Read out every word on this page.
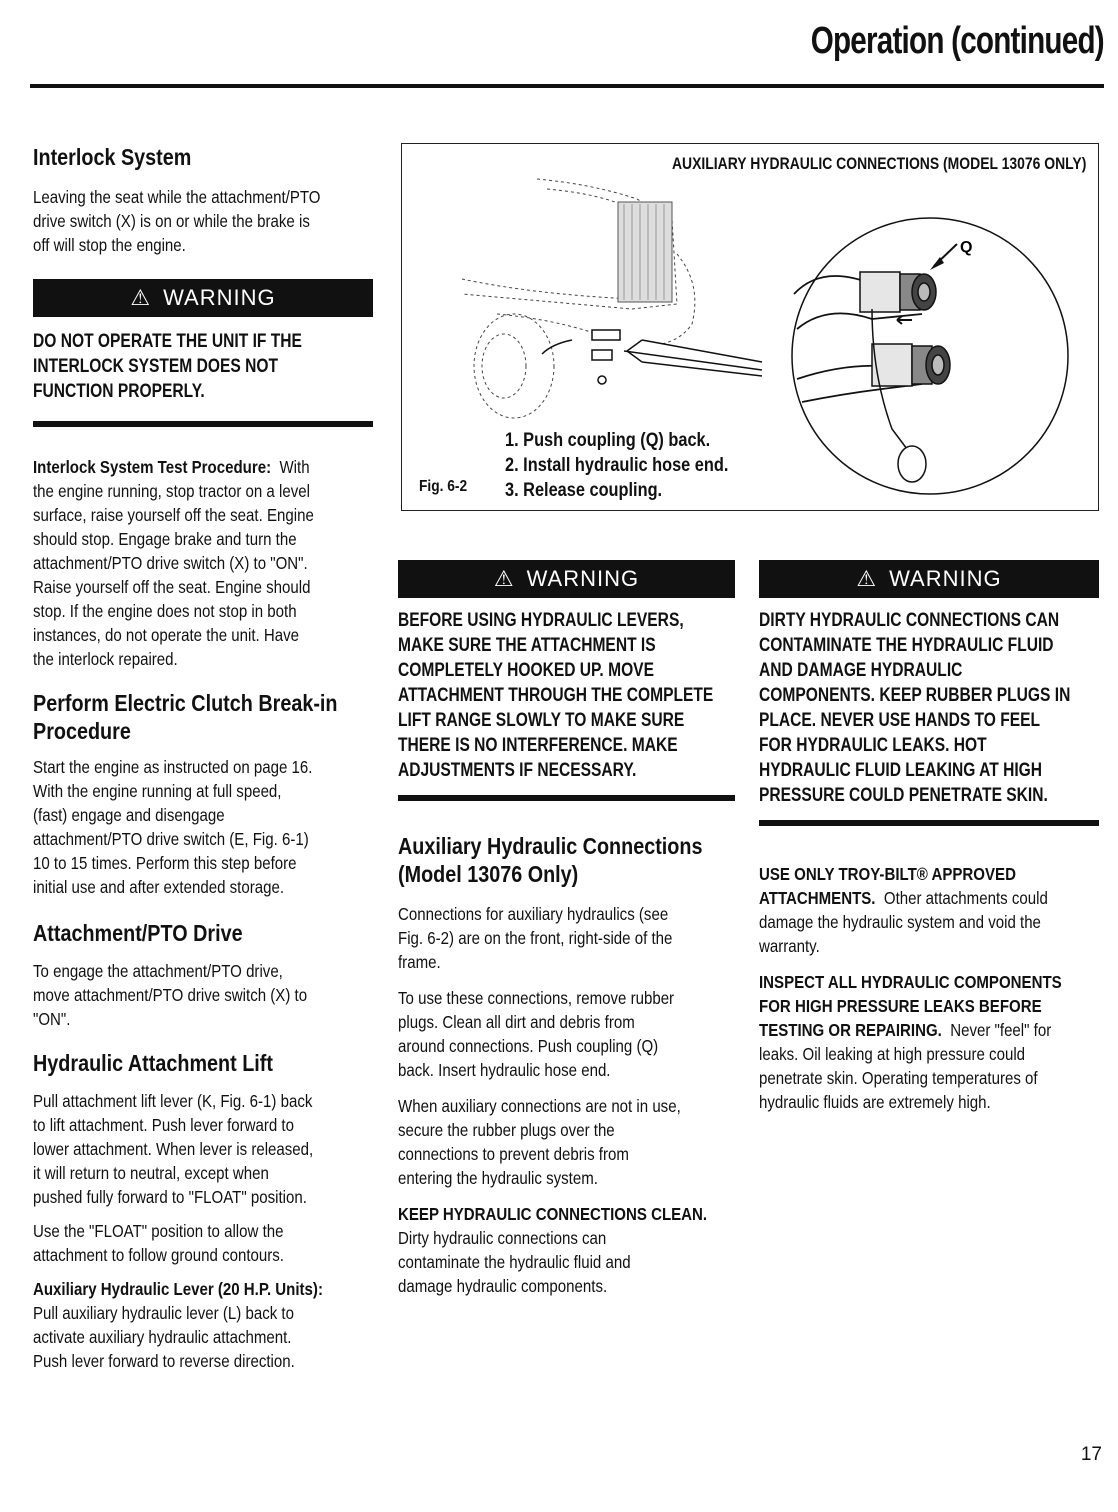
Operation (continued)
Interlock System
Leaving the seat while the attachment/PTO
drive switch (X) is on or while the brake is
off will stop the engine.
⚠ WARNING
DO NOT OPERATE THE UNIT IF THE
INTERLOCK SYSTEM DOES NOT
FUNCTION PROPERLY.
Interlock System Test Procedure: With
the engine running, stop tractor on a level
surface, raise yourself off the seat. Engine
should stop. Engage brake and turn the
attachment/PTO drive switch (X) to "ON".
Raise yourself off the seat. Engine should
stop. If the engine does not stop in both
instances, do not operate the unit. Have
the interlock repaired.
Perform Electric Clutch Break-in
Procedure
Start the engine as instructed on page 16.
With the engine running at full speed,
(fast) engage and disengage
attachment/PTO drive switch (E, Fig. 6-1)
10 to 15 times. Perform this step before
initial use and after extended storage.
Attachment/PTO Drive
To engage the attachment/PTO drive,
move attachment/PTO drive switch (X) to
"ON".
Hydraulic Attachment Lift
Pull attachment lift lever (K, Fig. 6-1) back
to lift attachment. Push lever forward to
lower attachment. When lever is released,
it will return to neutral, except when
pushed fully forward to "FLOAT" position.
Use the "FLOAT" position to allow the
attachment to follow ground contours.
Auxiliary Hydraulic Lever (20 H.P. Units):
Pull auxiliary hydraulic lever (L) back to
activate auxiliary hydraulic attachment.
Push lever forward to reverse direction.
AUXILIARY HYDRAULIC CONNECTIONS (MODEL 13076 ONLY)
Q
1. Push coupling (Q) back.
2. Install hydraulic hose end.
3. Release coupling.
Fig. 6-2
⚠ WARNING
BEFORE USING HYDRAULIC LEVERS,
MAKE SURE THE ATTACHMENT IS
COMPLETELY HOOKED UP. MOVE
ATTACHMENT THROUGH THE COMPLETE
LIFT RANGE SLOWLY TO MAKE SURE
THERE IS NO INTERFERENCE. MAKE
ADJUSTMENTS IF NECESSARY.
Auxiliary Hydraulic Connections
(Model 13076 Only)
Connections for auxiliary hydraulics (see
Fig. 6-2) are on the front, right-side of the
frame.
To use these connections, remove rubber
plugs. Clean all dirt and debris from
around connections. Push coupling (Q)
back. Insert hydraulic hose end.
When auxiliary connections are not in use,
secure the rubber plugs over the
connections to prevent debris from
entering the hydraulic system.
KEEP HYDRAULIC CONNECTIONS CLEAN.
Dirty hydraulic connections can
contaminate the hydraulic fluid and
damage hydraulic components.
⚠ WARNING
DIRTY HYDRAULIC CONNECTIONS CAN
CONTAMINATE THE HYDRAULIC FLUID
AND DAMAGE HYDRAULIC
COMPONENTS. KEEP RUBBER PLUGS IN
PLACE. NEVER USE HANDS TO FEEL
FOR HYDRAULIC LEAKS. HOT
HYDRAULIC FLUID LEAKING AT HIGH
PRESSURE COULD PENETRATE SKIN.
USE ONLY TROY-BILT® APPROVED
ATTACHMENTS. Other attachments could
damage the hydraulic system and void the
warranty.
INSPECT ALL HYDRAULIC COMPONENTS
FOR HIGH PRESSURE LEAKS BEFORE
TESTING OR REPAIRING. Never "feel" for
leaks. Oil leaking at high pressure could
penetrate skin. Operating temperatures of
hydraulic fluids are extremely high.
17
